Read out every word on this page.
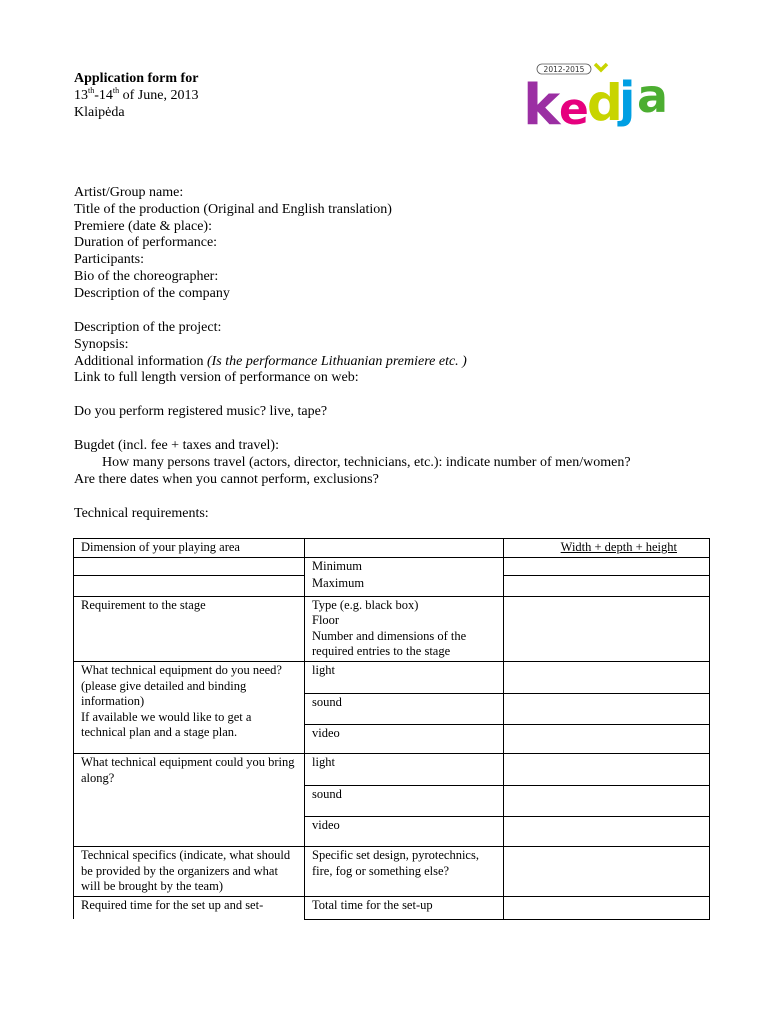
Application form for
13th-14th of June, 2013
Klaipėda
2012-2015
k
e
d
j a
Artist/Group name:
Title of the production (Original and English translation)
Premiere (date & place):
Duration of performance:
Participants:
Bio of the choreographer:
Description of the company
Description of the project:
Synopsis:
Additional information (Is the performance Lithuanian premiere etc. )
Link to full length version of performance on web:
Do you perform registered music? live, tape?
Bugdet (incl. fee + taxes and travel):
How many persons travel (actors, director, technicians, etc.): indicate number of men/women?
Are there dates when you cannot perform, exclusions?
Technical requirements:
Dimension of your playing area		Width + depth + height
	Minimum	
	Maximum	
Requirement to the stage	Type (e.g. black box)
Floor
Number and dimensions of the required entries to the stage	

What technical equipment do you need?
(please give detailed and binding information)
If available we would like to get a technical plan and a stage plan.	light	
	sound	
	video	
What technical equipment could you bring along?	light	
	sound	
	video	
Technical specifics (indicate, what should be provided by the organizers and what will be brought by the team)	Specific set design, pyrotechnics, fire, fog or something else?	
Required time for the set up and set-	Total time for the set-up	
